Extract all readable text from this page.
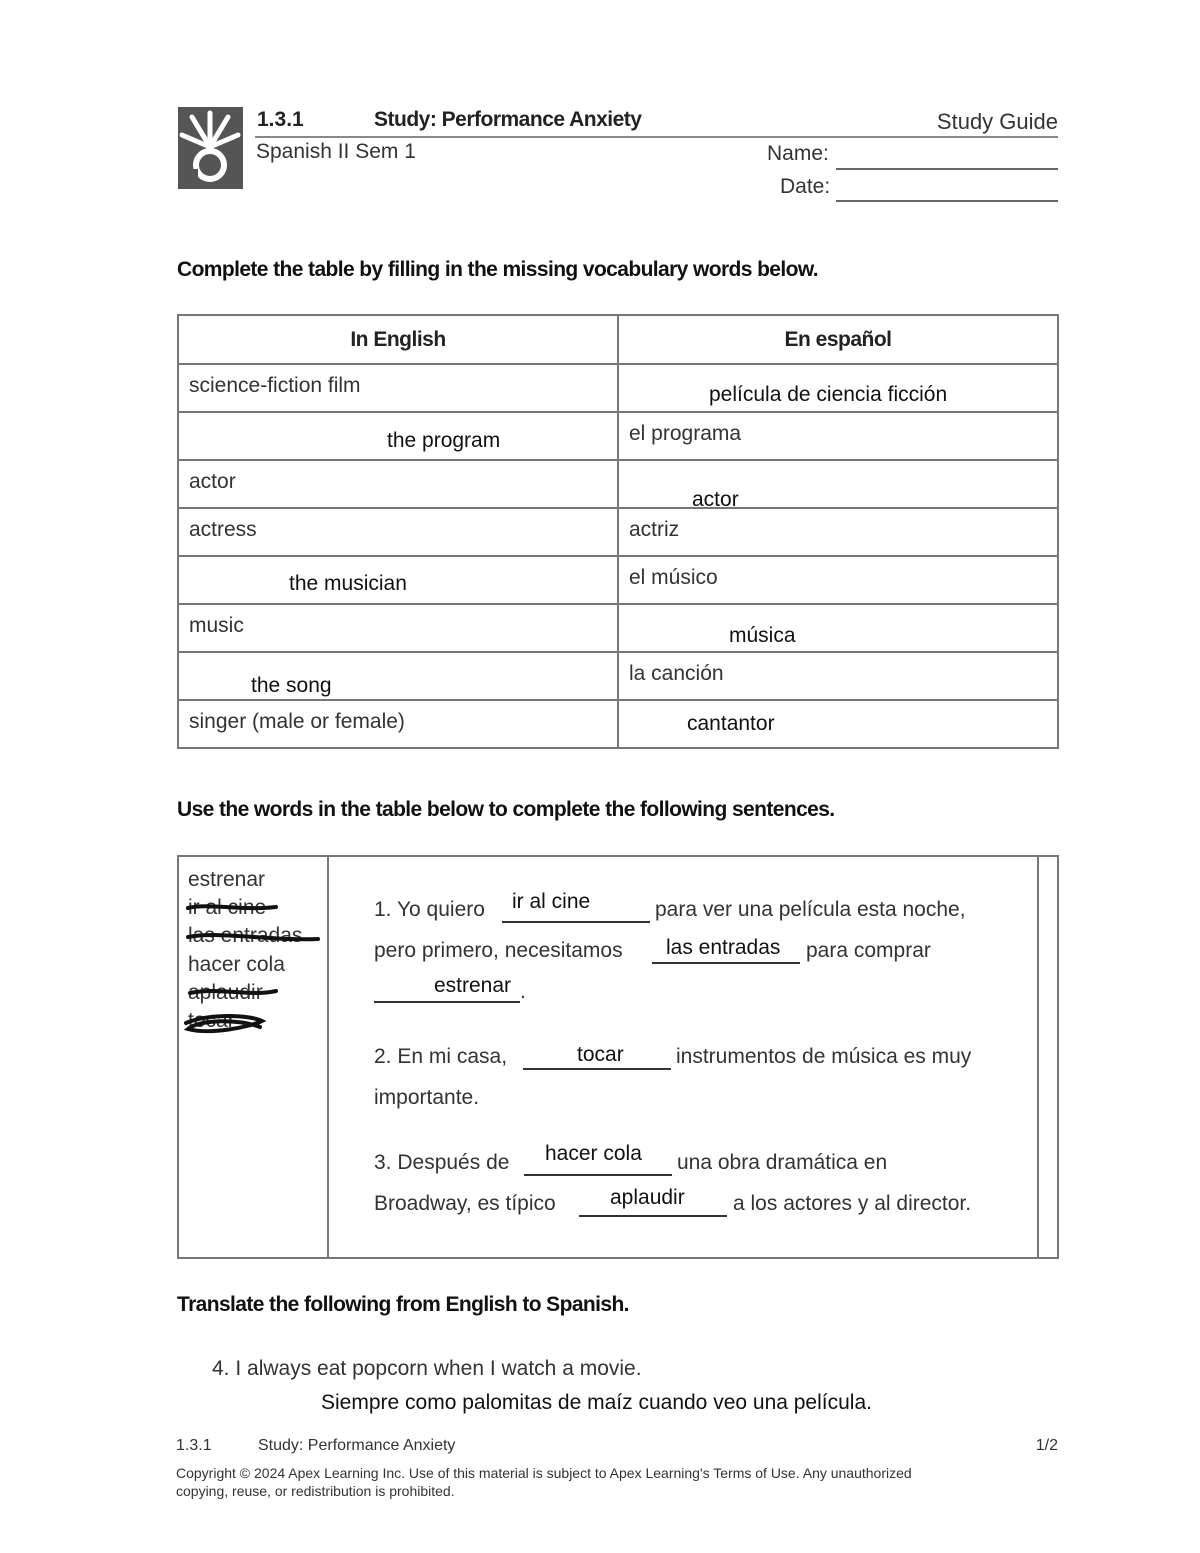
1.3.1	Study: Performance Anxiety	Study Guide
Spanish II Sem 1	Name:
Date:
Complete the table by filling in the missing vocabulary words below.
In English	En español

science-fiction film	película de ciencia ficción

the program	el programa

actor	actor

actress	actriz

the musician	el músico

music	música

the song	la canción

singer (male or female)	cantantor
Use the words in the table below to complete the following sentences.
estrenar
ir al cine
las entradas
hacer cola
aplaudir
tocar
1. Yo quiero ir al cine	para ver una película esta noche,
pero primero, necesitamos las entradas para comprar
estrenar .
2. En mi casa,	tocar instrumentos de música es muy
importante.
3. Después de hacer cola una obra dramática en
Broadway, es típico	aplaudir a los actores y al director.
Translate the following from English to Spanish.
4. I always eat popcorn when I watch a movie.
Siempre como palomitas de maíz cuando veo una película.
1.3.1	Study: Performance Anxiety	1/2
Copyright © 2024 Apex Learning Inc. Use of this material is subject to Apex Learning's Terms of Use. Any unauthorized
copying, reuse, or redistribution is prohibited.
